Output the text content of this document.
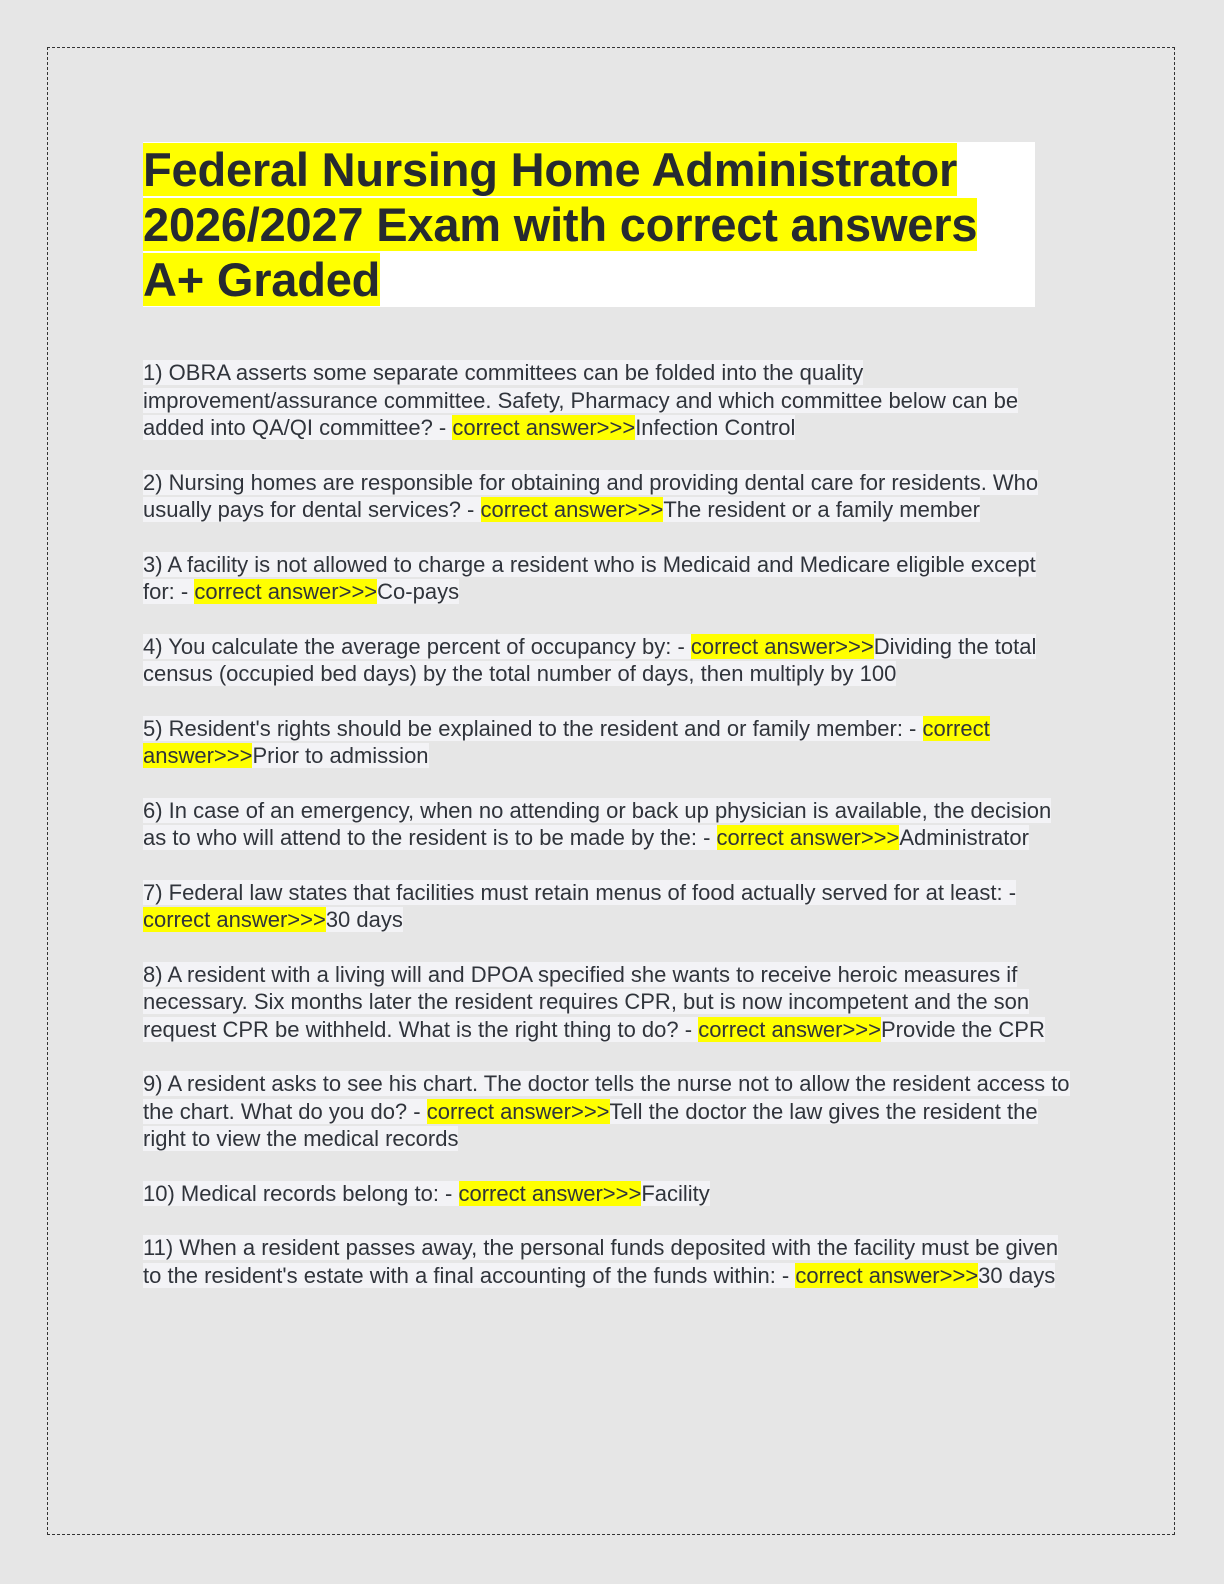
Federal Nursing Home Administrator
2026/2027 Exam with correct answers
A+ Graded

1) OBRA asserts some separate committees can be folded into the quality improvement/assurance committee. Safety, Pharmacy and which committee below can be added into QA/QI committee? - correct answer>>>Infection Control

2) Nursing homes are responsible for obtaining and providing dental care for residents. Who usually pays for dental services? - correct answer>>>The resident or a family member

3) A facility is not allowed to charge a resident who is Medicaid and Medicare eligible except for: - correct answer>>>Co-pays

4) You calculate the average percent of occupancy by: - correct answer>>>Dividing the total census (occupied bed days) by the total number of days, then multiply by 100

5) Resident's rights should be explained to the resident and or family member: - correct answer>>>Prior to admission

6) In case of an emergency, when no attending or back up physician is available, the decision as to who will attend to the resident is to be made by the: - correct answer>>>Administrator

7) Federal law states that facilities must retain menus of food actually served for at least: - correct answer>>>30 days

8) A resident with a living will and DPOA specified she wants to receive heroic measures if necessary. Six months later the resident requires CPR, but is now incompetent and the son request CPR be withheld. What is the right thing to do? - correct answer>>>Provide the CPR

9) A resident asks to see his chart. The doctor tells the nurse not to allow the resident access to the chart. What do you do? - correct answer>>>Tell the doctor the law gives the resident the right to view the medical records

10) Medical records belong to: - correct answer>>>Facility

11) When a resident passes away, the personal funds deposited with the facility must be given to the resident's estate with a final accounting of the funds within: - correct answer>>>30 days
